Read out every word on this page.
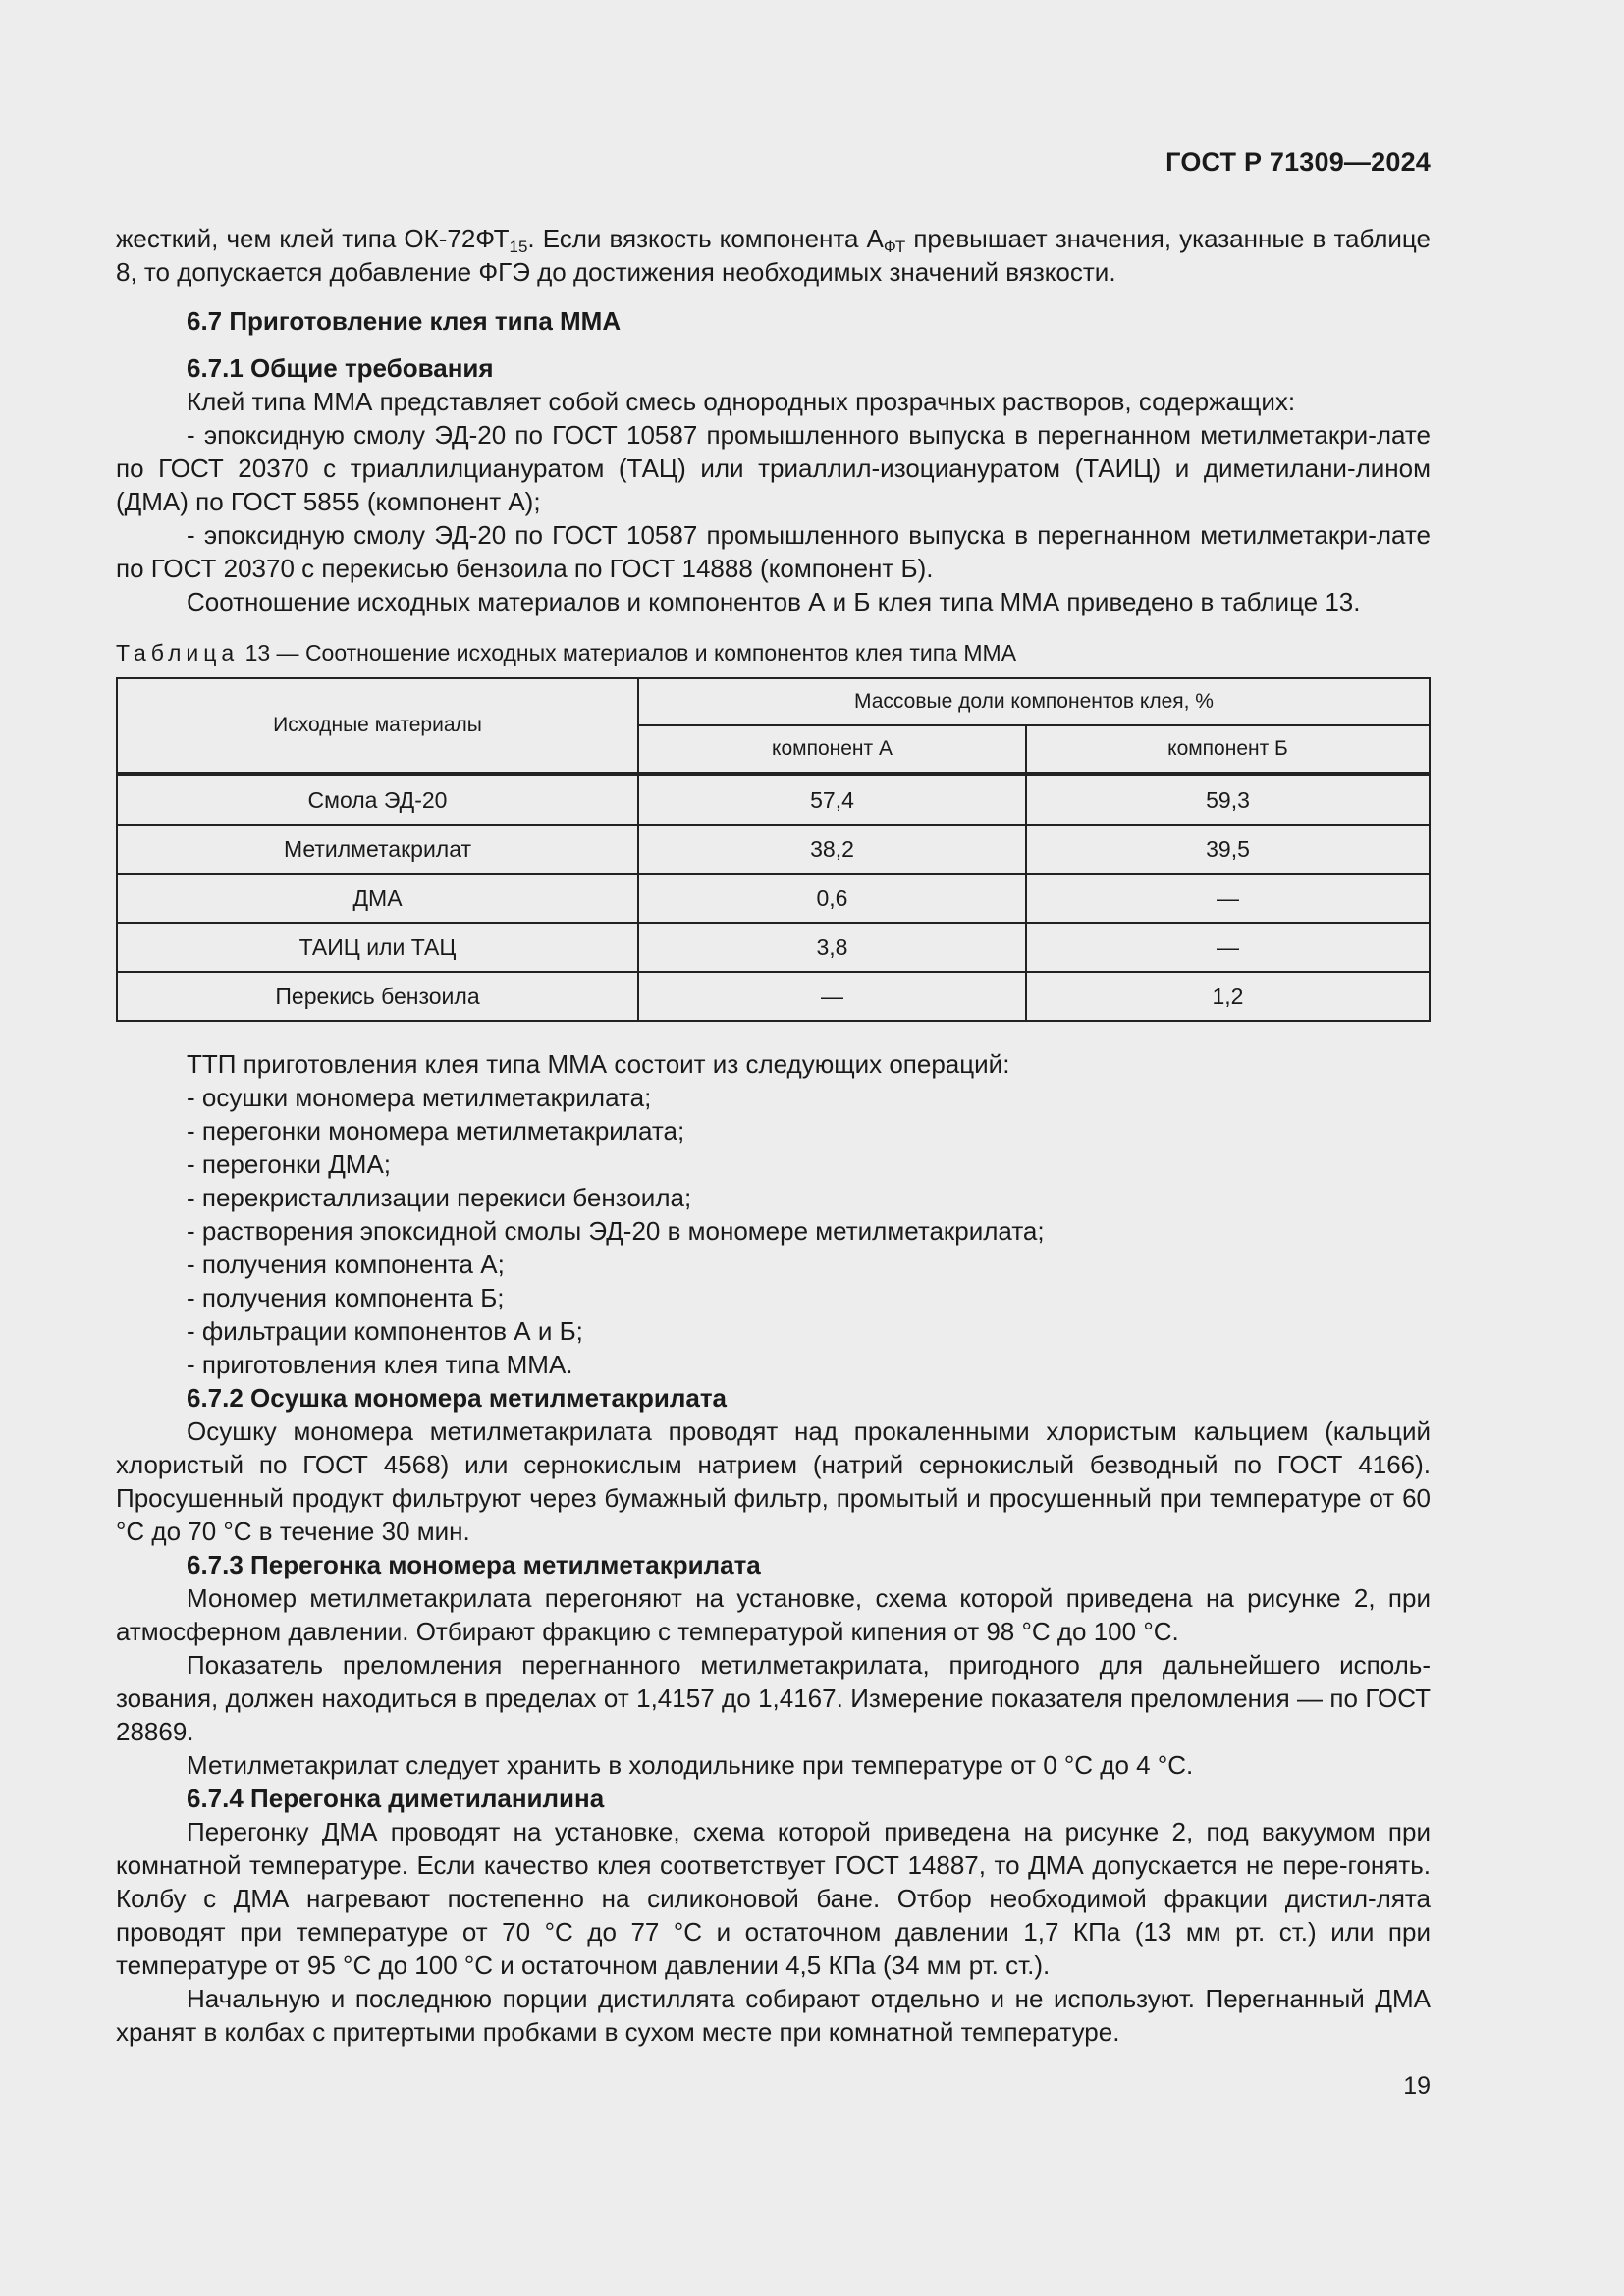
ГОСТ Р 71309—2024

жесткий, чем клей типа $ОК-72ФТ_{15}$. Если вязкость компонента $А_{ФТ}$ превышает значения, указанные в таблице 8, то допускается добавление ФГЭ до достижения необходимых значений вязкости.

6.7 Приготовление клея типа ММА

6.7.1 Общие требования

Клей типа ММА представляет собой смесь однородных прозрачных растворов, содержащих:

- эпоксидную смолу ЭД-20 по ГОСТ 10587 промышленного выпуска в перегнанном метилметакри-лате по ГОСТ 20370 с триаллилциануратом (ТАЦ) или триаллил-изоциануратом (ТАИЦ) и диметилани-лином (ДМА) по ГОСТ 5855 (компонент А);

- эпоксидную смолу ЭД-20 по ГОСТ 10587 промышленного выпуска в перегнанном метилметакри-лате по ГОСТ 20370 с перекисью бензоила по ГОСТ 14888 (компонент Б).

Соотношение исходных материалов и компонентов А и Б клея типа ММА приведено в таблице 13.

Таблица 13 — Соотношение исходных материалов и компонентов клея типа ММА
Исходные материалы	Массовые доли компонентов клея, %	
	компонент А	компонент Б
Смола ЭД-20	57,4	59,3
Метилметакрилат	38,2	39,5
ДМА	0,6	—
ТАИЦ или ТАЦ	3,8	—
Перекись бензоила	—	1,2

ТТП приготовления клея типа ММА состоит из следующих операций:

- осушки мономера метилметакрилата;

- перегонки мономера метилметакрилата;

- перегонки ДМА;

- перекристаллизации перекиси бензоила;

- растворения эпоксидной смолы ЭД-20 в мономере метилметакрилата;

- получения компонента А;

- получения компонента Б;

- фильтрации компонентов А и Б;

- приготовления клея типа ММА.

6.7.2 Осушка мономера метилметакрилата

Осушку мономера метилметакрилата проводят над прокаленными хлористым кальцием (кальций хлористый по ГОСТ 4568) или сернокислым натрием (натрий сернокислый безводный по ГОСТ 4166). Просушенный продукт фильтруют через бумажный фильтр, промытый и просушенный при температуре от 60 °С до 70 °С в течение 30 мин.

6.7.3 Перегонка мономера метилметакрилата

Мономер метилметакрилата перегоняют на установке, схема которой приведена на рисунке 2, при атмосферном давлении. Отбирают фракцию с температурой кипения от 98 °С до 100 °С.

Показатель преломления перегнанного метилметакрилата, пригодного для дальнейшего исполь-зования, должен находиться в пределах от 1,4157 до 1,4167. Измерение показателя преломления — по ГОСТ 28869.

Метилметакрилат следует хранить в холодильнике при температуре от 0 °С до 4 °С.

6.7.4 Перегонка диметиланилина

Перегонку ДМА проводят на установке, схема которой приведена на рисунке 2, под вакуумом при комнатной температуре. Если качество клея соответствует ГОСТ 14887, то ДМА допускается не пере-гонять. Колбу с ДМА нагревают постепенно на силиконовой бане. Отбор необходимой фракции дистил-лята проводят при температуре от 70 °С до 77 °С и остаточном давлении 1,7 КПа (13 мм рт. ст.) или при температуре от 95 °С до 100 °С и остаточном давлении 4,5 КПа (34 мм рт. ст.).

Начальную и последнюю порции дистиллята собирают отдельно и не используют. Перегнанный ДМА хранят в колбах с притертыми пробками в сухом месте при комнатной температуре.

19
